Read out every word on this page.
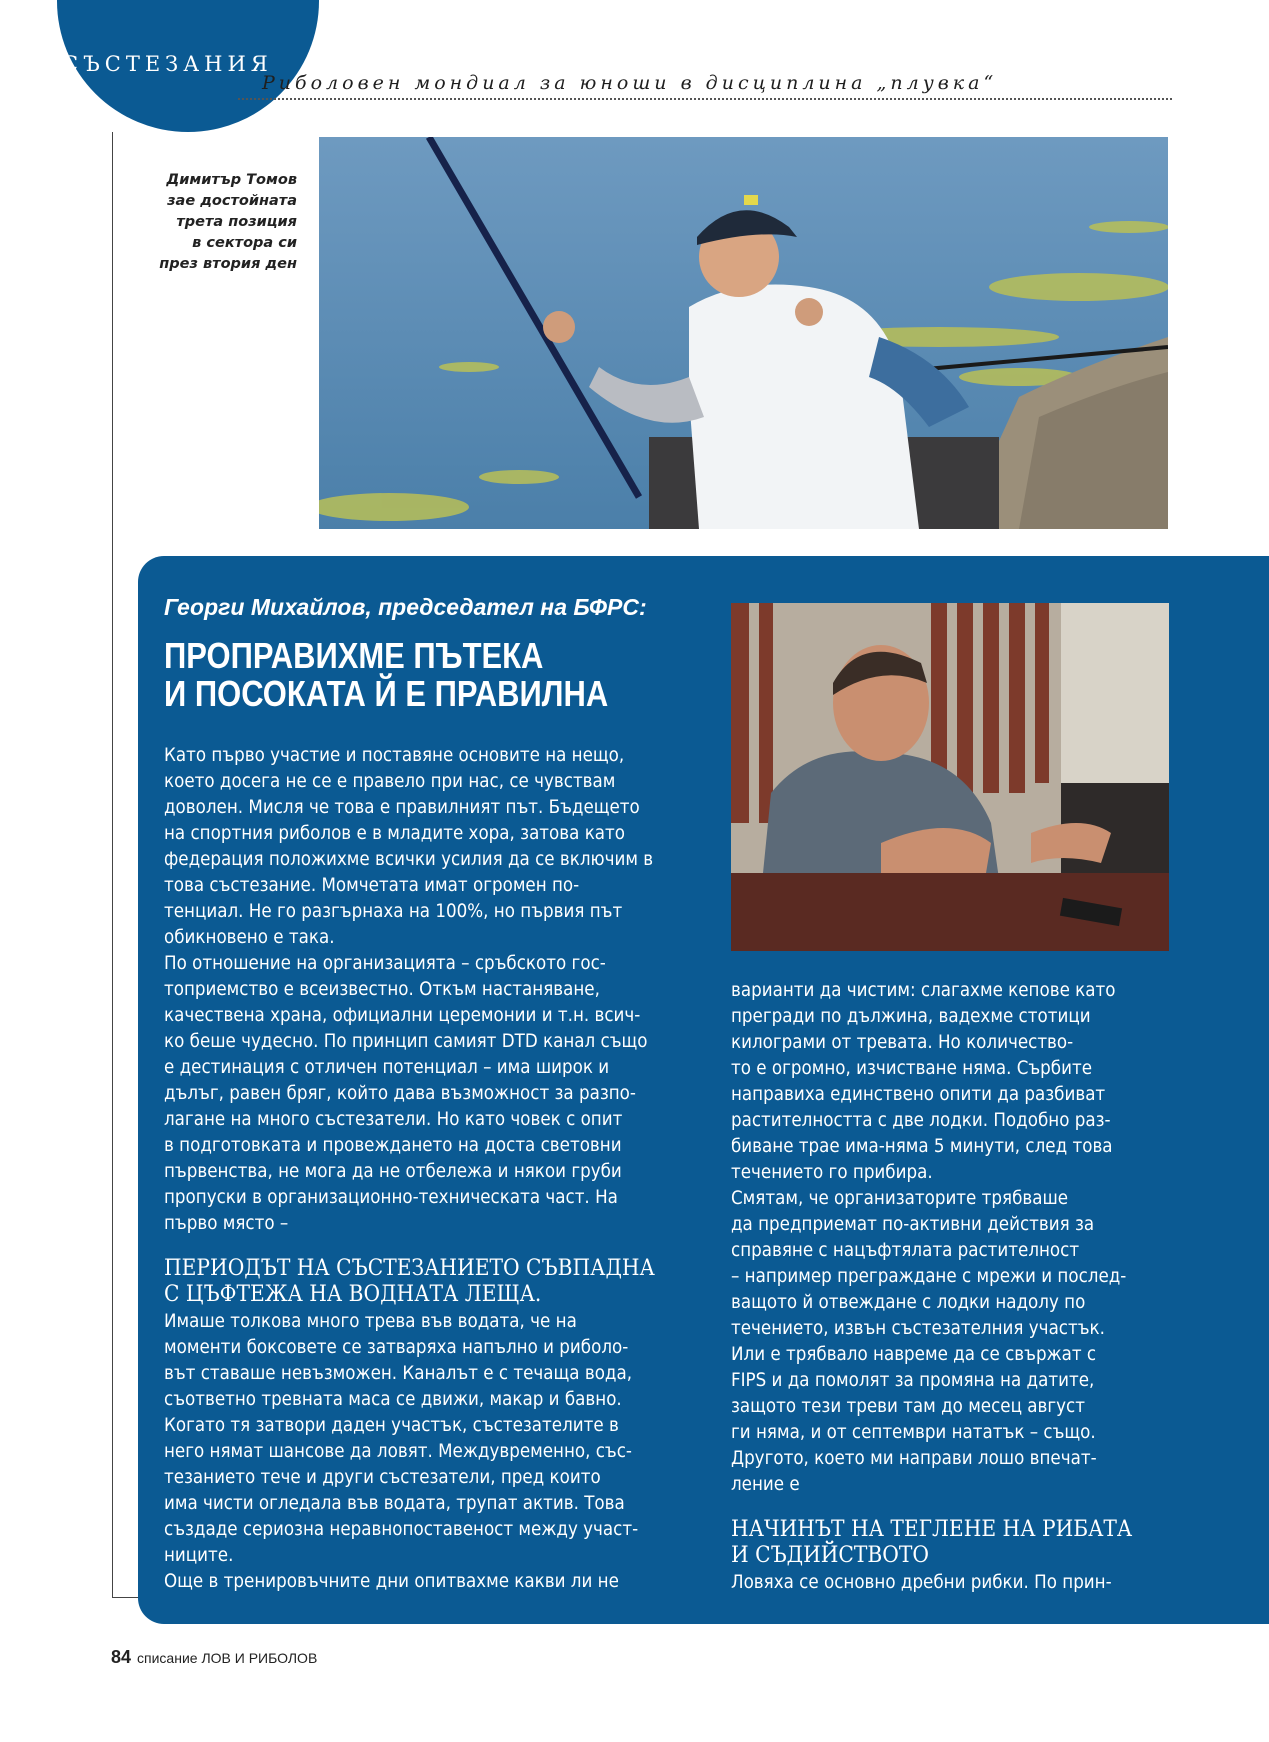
СЪСТЕЗАНИЯ
Риболовен мондиал за юноши в дисциплина „плувка“
Димитър Томов
зае достойната
трета позиция
в сектора си
през втория ден
Георги Михайлов, председател на БФРС:
ПРОПРАВИХМЕ ПЪТЕКА
И ПОСОКАТА Й Е ПРАВИЛНА
Като първо участие и поставяне основите на нещо,
което досега не се е правело при нас, се чувствам
доволен. Мисля че това е правилният път. Бъдещето
на спортния риболов е в младите хора, затова като
федерация положихме всички усилия да се включим в
това състезание. Момчетата имат огромен по-
тенциал. Не го разгърнаха на 100%, но първия път
обикновено е така.
По отношение на организацията – сръбското гос-
топриемство е всеизвестно. Откъм настаняване,
качествена храна, официални церемонии и т.н. всич-
ко беше чудесно. По принцип самият DTD канал също
е дестинация с отличен потенциал – има широк и
дълъг, равен бряг, който дава възможност за разпо-
лагане на много състезатели. Но като човек с опит
в подготовката и провеждането на доста световни
първенства, не мога да не отбележа и някои груби
пропуски в организационно-техническата част. На
първо място –
ПЕРИОДЪТ НА СЪСТЕЗАНИЕТО СЪВПАДНА
С ЦЪФТЕЖА НА ВОДНАТА ЛЕЩА.
Имаше толкова много трева във водата, че на
моменти боксовете се затваряха напълно и риболо-
вът ставаше невъзможен. Каналът е с течаща вода,
съответно тревната маса се движи, макар и бавно.
Когато тя затвори даден участък, състезателите в
него нямат шансове да ловят. Междувременно, със-
тезанието тече и други състезатели, пред които
има чисти огледала във водата, трупат актив. Това
създаде сериозна неравнопоставеност между участ-
ниците.
Още в тренировъчните дни опитвахме какви ли не
варианти да чистим: слагахме кепове като
прегради по дължина, вадехме стотици
килограми от тревата. Но количество-
то е огромно, изчистване няма. Сърбите
направиха единствено опити да разбиват
растителността с две лодки. Подобно раз-
биване трае има-няма 5 минути, след това
течението го прибира.
Смятам, че организаторите трябваше
да предприемат по-активни действия за
справяне с нацъфтялата растителност
– например преграждане с мрежи и послед-
ващото й отвеждане с лодки надолу по
течението, извън състезателния участък.
Или е трябвало навреме да се свържат с
FIPS и да помолят за промяна на датите,
защото тези треви там до месец август
ги няма, и от септември нататък – също.
Другото, което ми направи лошо впечат-
ление е
НАЧИНЪТ НА ТЕГЛЕНЕ НА РИБАТА
И СЪДИЙСТВОТО
Ловяха се основно дребни рибки. По прин-
84 списание ЛОВ И РИБОЛОВ
